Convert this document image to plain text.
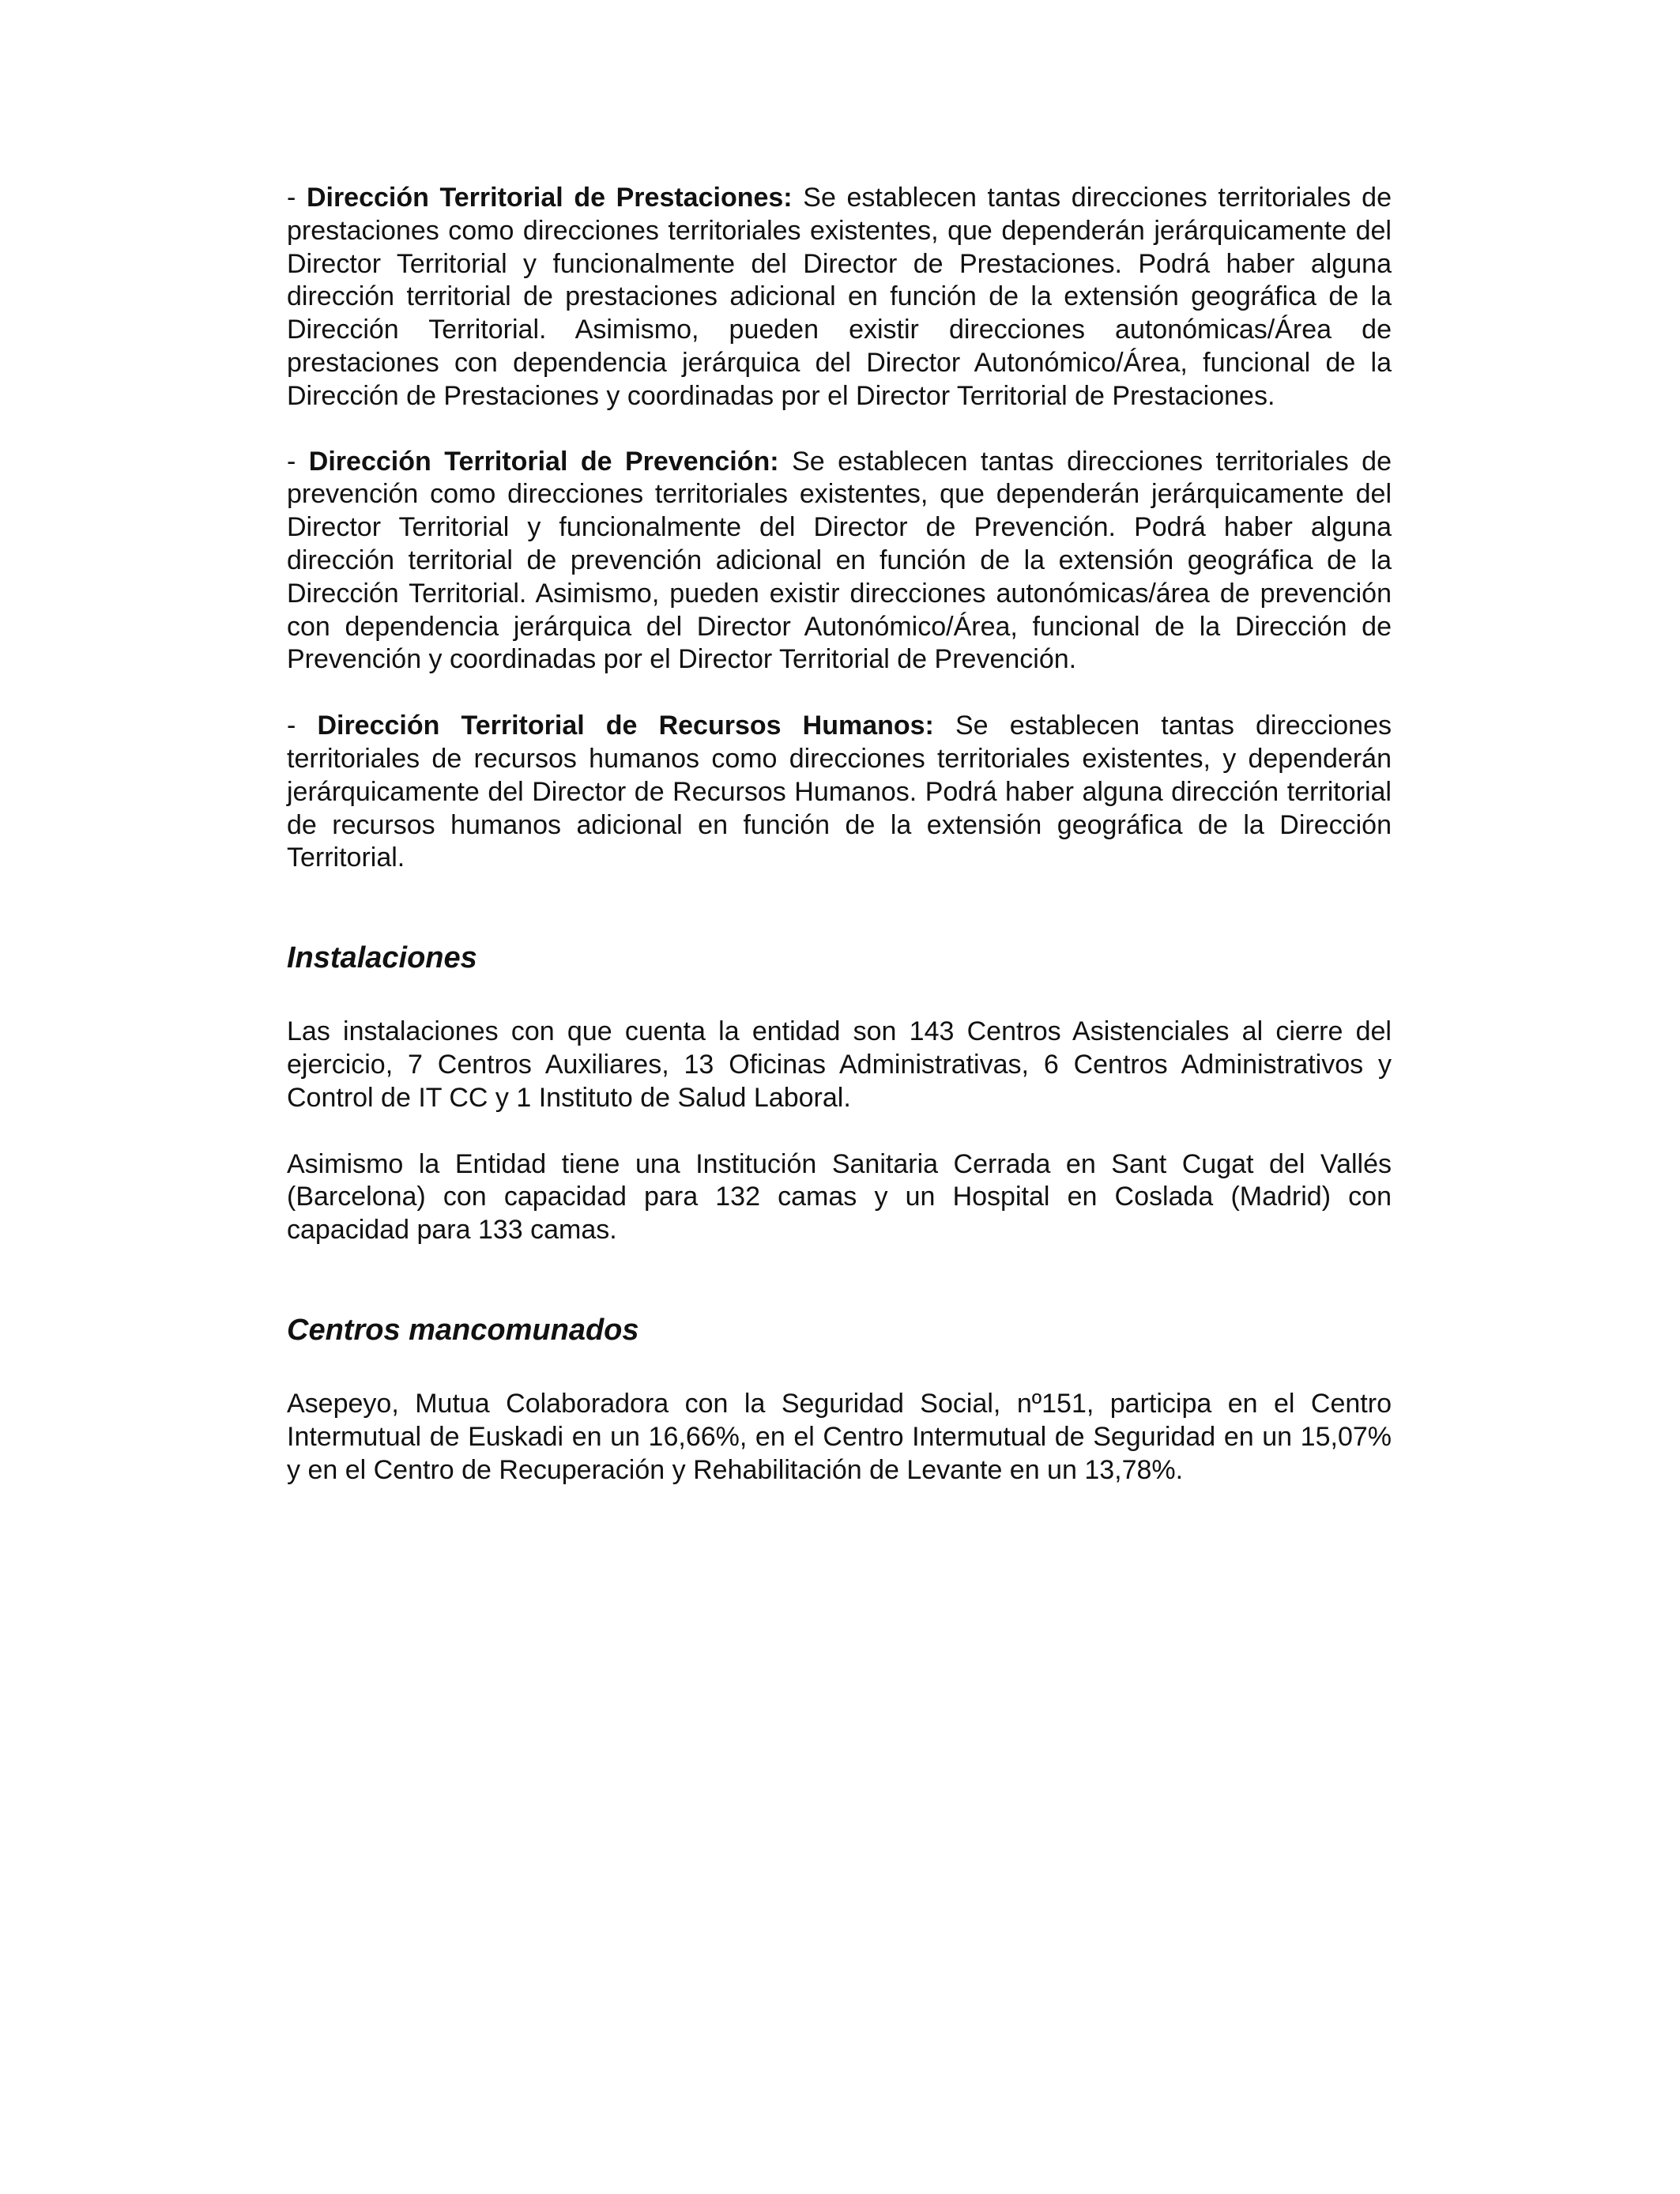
- Dirección Territorial de Prestaciones: Se establecen tantas direcciones territoriales de prestaciones como direcciones territoriales existentes, que dependerán jerárquicamente del Director Territorial y funcionalmente del Director de Prestaciones. Podrá haber alguna dirección territorial de prestaciones adicional en función de la extensión geográfica de la Dirección Territorial. Asimismo, pueden existir direcciones autonómicas/Área de prestaciones con dependencia jerárquica del Director Autonómico/Área, funcional de la Dirección de Prestaciones y coordinadas por el Director Territorial de Prestaciones.

- Dirección Territorial de Prevención: Se establecen tantas direcciones territoriales de prevención como direcciones territoriales existentes, que dependerán jerárquicamente del Director Territorial y funcionalmente del Director de Prevención. Podrá haber alguna dirección territorial de prevención adicional en función de la extensión geográfica de la Dirección Territorial. Asimismo, pueden existir direcciones autonómicas/área de prevención con dependencia jerárquica del Director Autonómico/Área, funcional de la Dirección de Prevención y coordinadas por el Director Territorial de Prevención.

- Dirección Territorial de Recursos Humanos: Se establecen tantas direcciones territoriales de recursos humanos como direcciones territoriales existentes, y dependerán jerárquicamente del Director de Recursos Humanos. Podrá haber alguna dirección territorial de recursos humanos adicional en función de la extensión geográfica de la Dirección Territorial.

Instalaciones

Las instalaciones con que cuenta la entidad son 143 Centros Asistenciales al cierre del ejercicio, 7 Centros Auxiliares, 13 Oficinas Administrativas, 6 Centros Administrativos y Control de IT CC y 1 Instituto de Salud Laboral.

Asimismo la Entidad tiene una Institución Sanitaria Cerrada en Sant Cugat del Vallés (Barcelona) con capacidad para 132 camas y un Hospital en Coslada (Madrid) con capacidad para 133 camas.

Centros mancomunados

Asepeyo, Mutua Colaboradora con la Seguridad Social, nº151, participa en el Centro Intermutual de Euskadi en un 16,66%, en el Centro Intermutual de Seguridad en un 15,07% y en el Centro de Recuperación y Rehabilitación de Levante en un 13,78%.
